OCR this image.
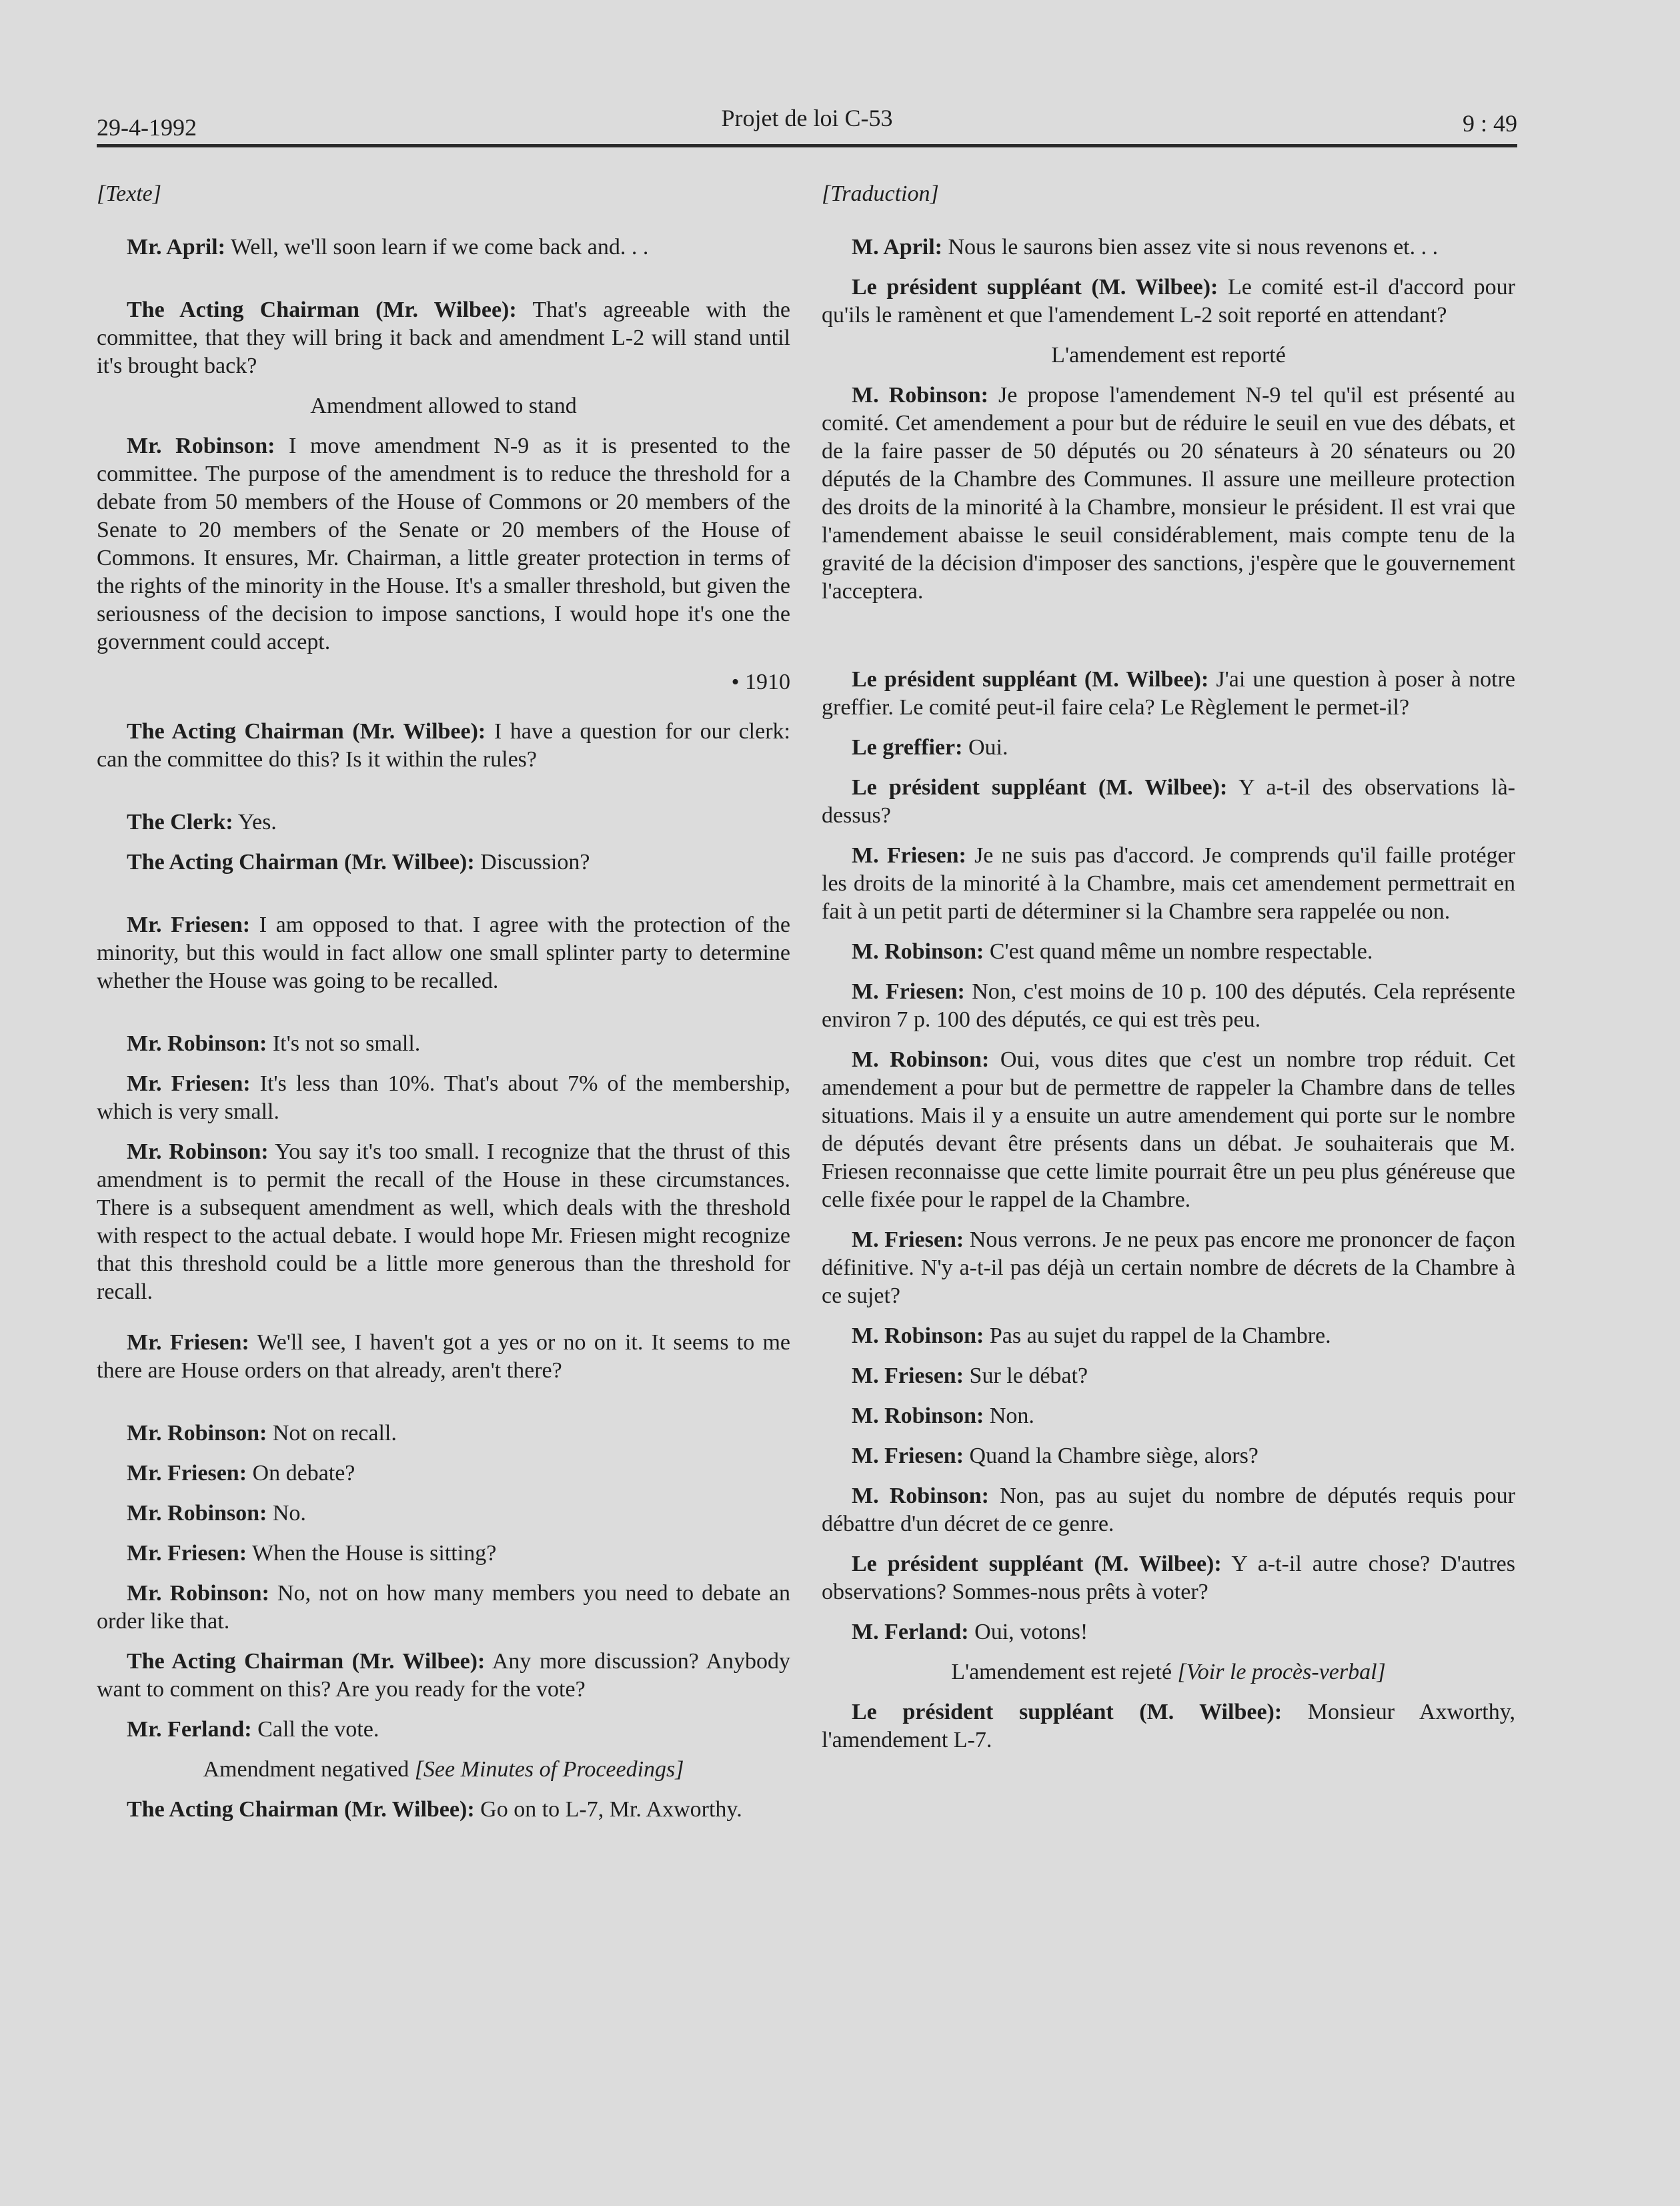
29-4-1992	Projet de loi C-53	9 : 49

[Texte]

Mr. April: Well, we'll soon learn if we come back and. . .

The Acting Chairman (Mr. Wilbee): That's agreeable with the committee, that they will bring it back and amendment L-2 will stand until it's brought back?

Amendment allowed to stand

Mr. Robinson: I move amendment N-9 as it is presented to the committee. The purpose of the amendment is to reduce the threshold for a debate from 50 members of the House of Commons or 20 members of the Senate to 20 members of the Senate or 20 members of the House of Commons. It ensures, Mr. Chairman, a little greater protection in terms of the rights of the minority in the House. It's a smaller threshold, but given the seriousness of the decision to impose sanctions, I would hope it's one the government could accept.

• 1910

The Acting Chairman (Mr. Wilbee): I have a question for our clerk: can the committee do this? Is it within the rules?

The Clerk: Yes.

The Acting Chairman (Mr. Wilbee): Discussion?

Mr. Friesen: I am opposed to that. I agree with the protection of the minority, but this would in fact allow one small splinter party to determine whether the House was going to be recalled.

Mr. Robinson: It's not so small.

Mr. Friesen: It's less than 10%. That's about 7% of the membership, which is very small.

Mr. Robinson: You say it's too small. I recognize that the thrust of this amendment is to permit the recall of the House in these circumstances. There is a subsequent amendment as well, which deals with the threshold with respect to the actual debate. I would hope Mr. Friesen might recognize that this threshold could be a little more generous than the threshold for recall.

Mr. Friesen: We'll see, I haven't got a yes or no on it. It seems to me there are House orders on that already, aren't there?

Mr. Robinson: Not on recall.

Mr. Friesen: On debate?

Mr. Robinson: No.

Mr. Friesen: When the House is sitting?

Mr. Robinson: No, not on how many members you need to debate an order like that.

The Acting Chairman (Mr. Wilbee): Any more discussion? Anybody want to comment on this? Are you ready for the vote?

Mr. Ferland: Call the vote.

Amendment negatived [See Minutes of Proceedings]

The Acting Chairman (Mr. Wilbee): Go on to L-7, Mr. Axworthy.

[Traduction]

M. April: Nous le saurons bien assez vite si nous revenons et. . .

Le président suppléant (M. Wilbee): Le comité est-il d'accord pour qu'ils le ramènent et que l'amendement L-2 soit reporté en attendant?

L'amendement est reporté

M. Robinson: Je propose l'amendement N-9 tel qu'il est présenté au comité. Cet amendement a pour but de réduire le seuil en vue des débats, et de la faire passer de 50 députés ou 20 sénateurs à 20 sénateurs ou 20 députés de la Chambre des Communes. Il assure une meilleure protection des droits de la minorité à la Chambre, monsieur le président. Il est vrai que l'amendement abaisse le seuil considérablement, mais compte tenu de la gravité de la décision d'imposer des sanctions, j'espère que le gouvernement l'acceptera.

Le président suppléant (M. Wilbee): J'ai une question à poser à notre greffier. Le comité peut-il faire cela? Le Règlement le permet-il?

Le greffier: Oui.

Le président suppléant (M. Wilbee): Y a-t-il des observations là-dessus?

M. Friesen: Je ne suis pas d'accord. Je comprends qu'il faille protéger les droits de la minorité à la Chambre, mais cet amendement permettrait en fait à un petit parti de déterminer si la Chambre sera rappelée ou non.

M. Robinson: C'est quand même un nombre respectable.

M. Friesen: Non, c'est moins de 10 p. 100 des députés. Cela représente environ 7 p. 100 des députés, ce qui est très peu.

M. Robinson: Oui, vous dites que c'est un nombre trop réduit. Cet amendement a pour but de permettre de rappeler la Chambre dans de telles situations. Mais il y a ensuite un autre amendement qui porte sur le nombre de députés devant être présents dans un débat. Je souhaiterais que M. Friesen reconnaisse que cette limite pourrait être un peu plus généreuse que celle fixée pour le rappel de la Chambre.

M. Friesen: Nous verrons. Je ne peux pas encore me prononcer de façon définitive. N'y a-t-il pas déjà un certain nombre de décrets de la Chambre à ce sujet?

M. Robinson: Pas au sujet du rappel de la Chambre.

M. Friesen: Sur le débat?

M. Robinson: Non.

M. Friesen: Quand la Chambre siège, alors?

M. Robinson: Non, pas au sujet du nombre de députés requis pour débattre d'un décret de ce genre.

Le président suppléant (M. Wilbee): Y a-t-il autre chose? D'autres observations? Sommes-nous prêts à voter?

M. Ferland: Oui, votons!

L'amendement est rejeté [Voir le procès-verbal]

Le président suppléant (M. Wilbee): Monsieur Axworthy, l'amendement L-7.
